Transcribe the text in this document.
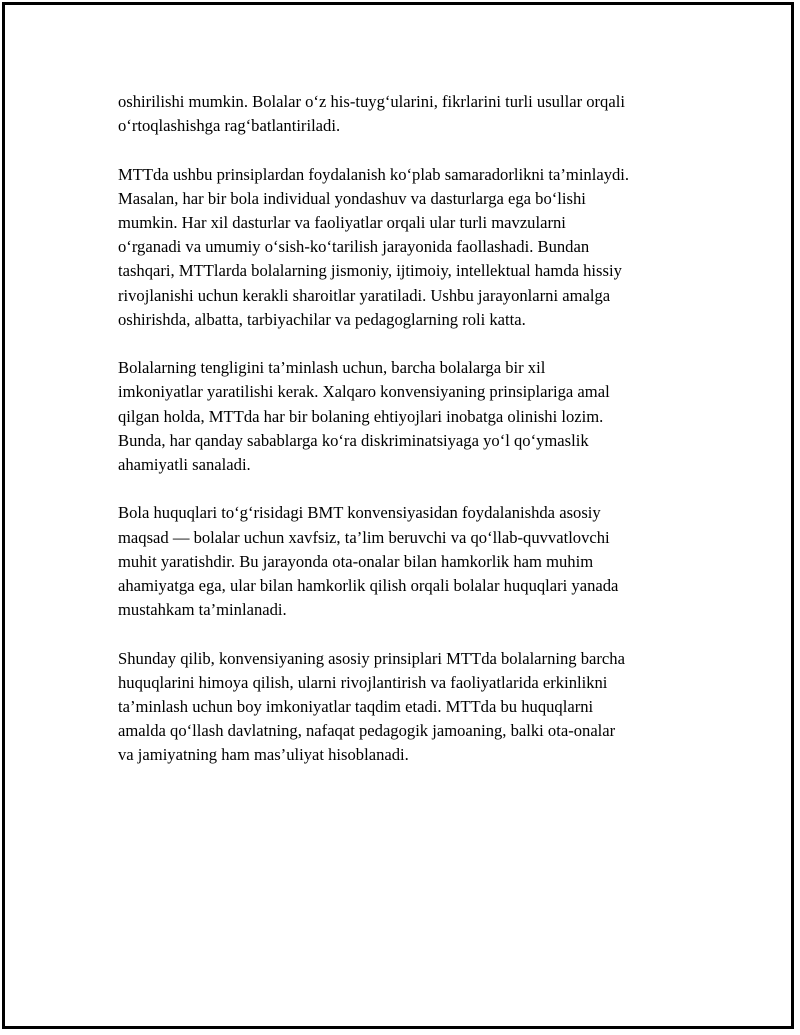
oshirilishi mumkin. Bolalar o‘z his-tuyg‘ularini, fikrlarini turli usullar orqali
o‘rtoqlashishga rag‘batlantiriladi.

MTTda ushbu prinsiplardan foydalanish ko‘plab samaradorlikni ta’minlaydi.
Masalan, har bir bola individual yondashuv va dasturlarga ega bo‘lishi
mumkin. Har xil dasturlar va faoliyatlar orqali ular turli mavzularni
o‘rganadi va umumiy o‘sish-ko‘tarilish jarayonida faollashadi. Bundan
tashqari, MTTlarda bolalarning jismoniy, ijtimoiy, intellektual hamda hissiy
rivojlanishi uchun kerakli sharoitlar yaratiladi. Ushbu jarayonlarni amalga
oshirishda, albatta, tarbiyachilar va pedagoglarning roli katta.

Bolalarning tengligini ta’minlash uchun, barcha bolalarga bir xil
imkoniyatlar yaratilishi kerak. Xalqaro konvensiyaning prinsiplariga amal
qilgan holda, MTTda har bir bolaning ehtiyojlari inobatga olinishi lozim.
Bunda, har qanday sabablarga ko‘ra diskriminatsiyaga yo‘l qo‘ymaslik
ahamiyatli sanaladi.

Bola huquqlari to‘g‘risidagi BMT konvensiyasidan foydalanishda asosiy
maqsad — bolalar uchun xavfsiz, ta’lim beruvchi va qo‘llab-quvvatlovchi
muhit yaratishdir. Bu jarayonda ota-onalar bilan hamkorlik ham muhim
ahamiyatga ega, ular bilan hamkorlik qilish orqali bolalar huquqlari yanada
mustahkam ta’minlanadi.

Shunday qilib, konvensiyaning asosiy prinsiplari MTTda bolalarning barcha
huquqlarini himoya qilish, ularni rivojlantirish va faoliyatlarida erkinlikni
ta’minlash uchun boy imkoniyatlar taqdim etadi. MTTda bu huquqlarni
amalda qo‘llash davlatning, nafaqat pedagogik jamoaning, balki ota-onalar
va jamiyatning ham mas’uliyat hisoblanadi.
